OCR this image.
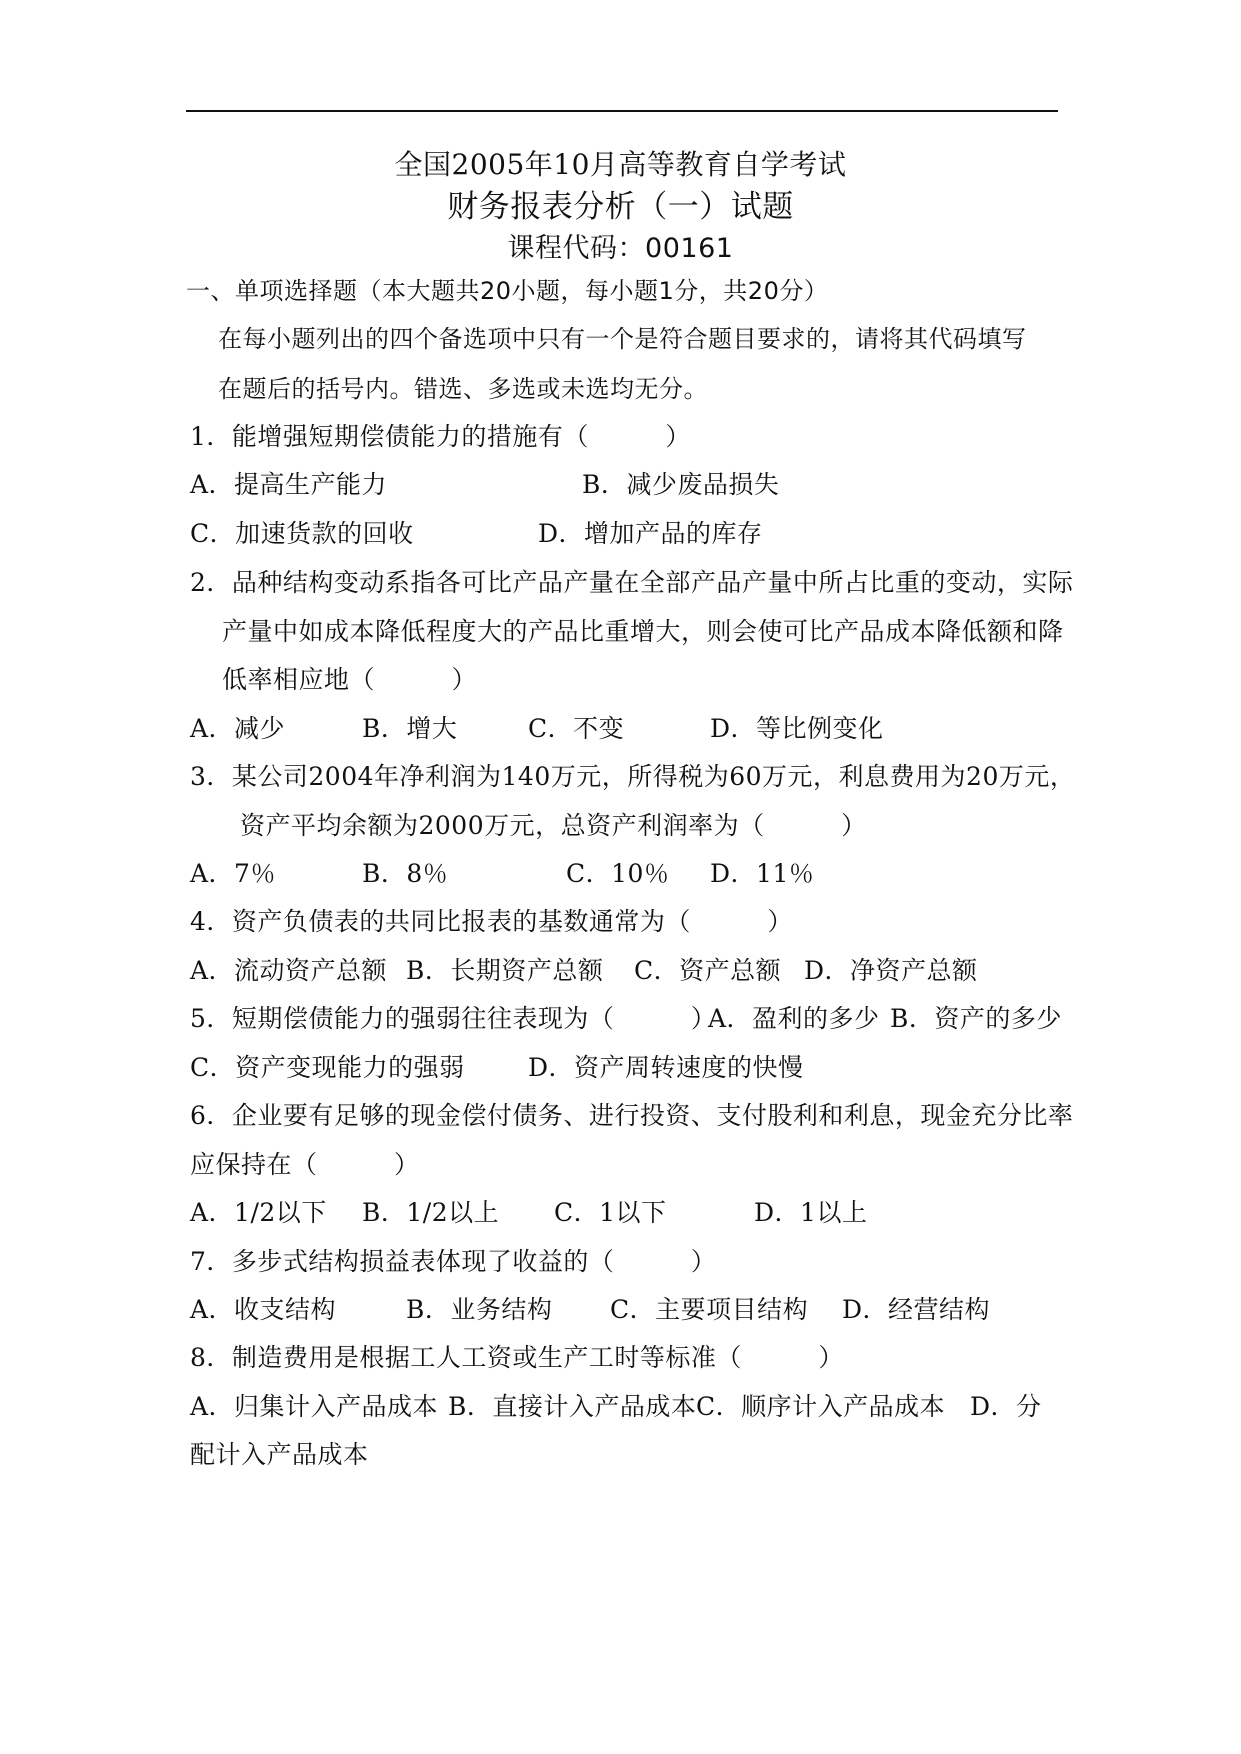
全国2005年10月高等教育自学考试
财务报表分析（一）试题
课程代码：00161
一、单项选择题（本大题共20小题，每小题1分，共20分）
在每小题列出的四个备选项中只有一个是符合题目要求的，请将其代码填写
在题后的括号内。错选、多选或未选均无分。
1．能增强短期偿债能力的措施有（　　　）
A．提高生产能力	B．减少废品损失
C．加速货款的回收	D．增加产品的库存
2．品种结构变动系指各可比产品产量在全部产品产量中所占比重的变动，实际
产量中如成本降低程度大的产品比重增大，则会使可比产品成本降低额和降
低率相应地（　　　）
A．减少	B．增大	C．不变	D．等比例变化
3．某公司2004年净利润为140万元，所得税为60万元，利息费用为20万元，
资产平均余额为2000万元，总资产利润率为（　　　）
A．7％	B．8％	C．10％ D．11％
4．资产负债表的共同比报表的基数通常为（　　　）
A．流动资产总额 B．长期资产总额 C．资产总额 D．净资产总额
5．短期偿债能力的强弱往往表现为（　　　）
A．盈利的多少 B．资产的多少
C．资产变现能力的强弱	D．资产周转速度的快慢
6．企业要有足够的现金偿付债务、进行投资、支付股利和利息，现金充分比率
应保持在（　　　）
A．1/2以下 B．1/2以上 C．1以下	D．1以上
7．多步式结构损益表体现了收益的（　　　）
A．收支结构	B．业务结构 C．主要项目结构 D．经营结构
8．制造费用是根据工人工资或生产工时等标准（　　　）
A．归集计入产品成本 B．直接计入产品成本 C．顺序计入产品成本 D．分
配计入产品成本
